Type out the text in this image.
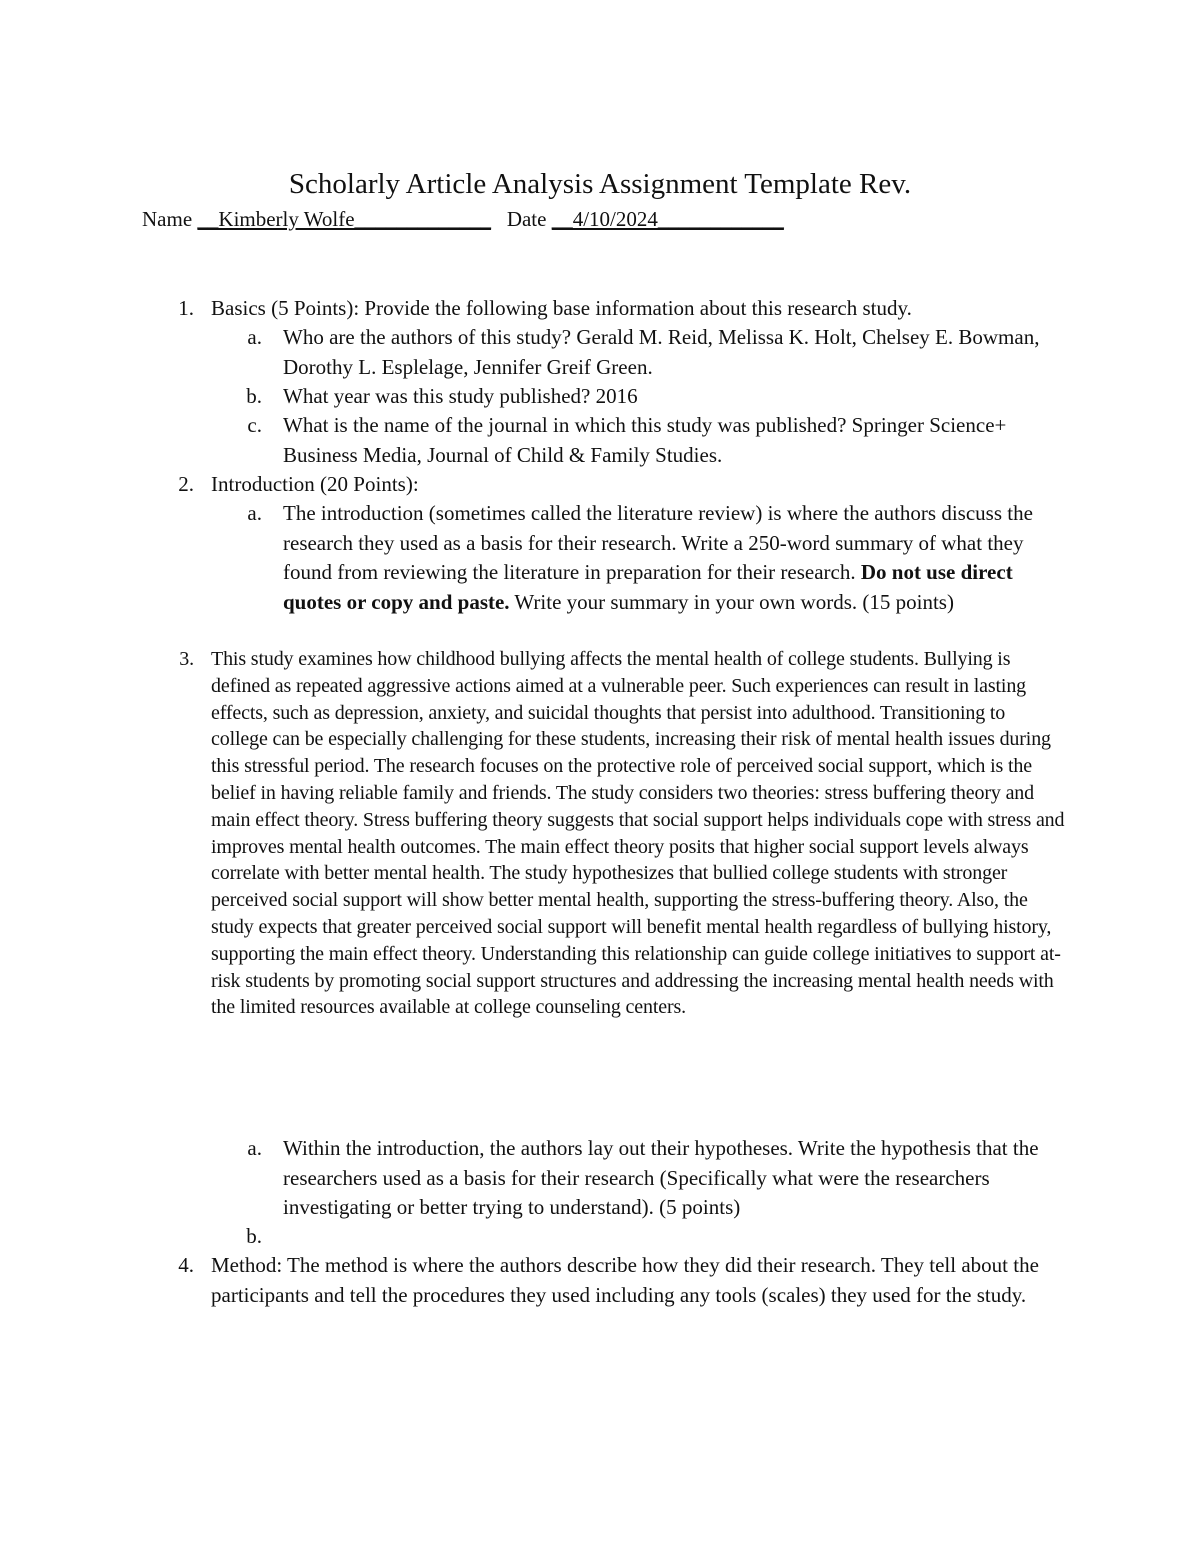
Scholarly Article Analysis Assignment Template Rev.
Name __Kimberly Wolfe_____________ Date __4/10/2024____________
1. Basics (5 Points): Provide the following base information about this research study.
a. Who are the authors of this study? Gerald M. Reid, Melissa K. Holt, Chelsey E. Bowman, Dorothy L. Esplelage, Jennifer Greif Green.
b. What year was this study published? 2016
c. What is the name of the journal in which this study was published? Springer Science+ Business Media, Journal of Child & Family Studies.
2. Introduction (20 Points):
a. The introduction (sometimes called the literature review) is where the authors discuss the research they used as a basis for their research. Write a 250-word summary of what they found from reviewing the literature in preparation for their research. Do not use direct quotes or copy and paste. Write your summary in your own words. (15 points)
3. This study examines how childhood bullying affects the mental health of college students. Bullying is defined as repeated aggressive actions aimed at a vulnerable peer. Such experiences can result in lasting effects, such as depression, anxiety, and suicidal thoughts that persist into adulthood. Transitioning to college can be especially challenging for these students, increasing their risk of mental health issues during this stressful period. The research focuses on the protective role of perceived social support, which is the belief in having reliable family and friends. The study considers two theories: stress buffering theory and main effect theory. Stress buffering theory suggests that social support helps individuals cope with stress and improves mental health outcomes. The main effect theory posits that higher social support levels always correlate with better mental health. The study hypothesizes that bullied college students with stronger perceived social support will show better mental health, supporting the stress-buffering theory. Also, the study expects that greater perceived social support will benefit mental health regardless of bullying history, supporting the main effect theory. Understanding this relationship can guide college initiatives to support at-risk students by promoting social support structures and addressing the increasing mental health needs with the limited resources available at college counseling centers.
a. Within the introduction, the authors lay out their hypotheses. Write the hypothesis that the researchers used as a basis for their research (Specifically what were the researchers investigating or better trying to understand). (5 points)
b.
4. Method: The method is where the authors describe how they did their research. They tell about the participants and tell the procedures they used including any tools (scales) they used for the study.
